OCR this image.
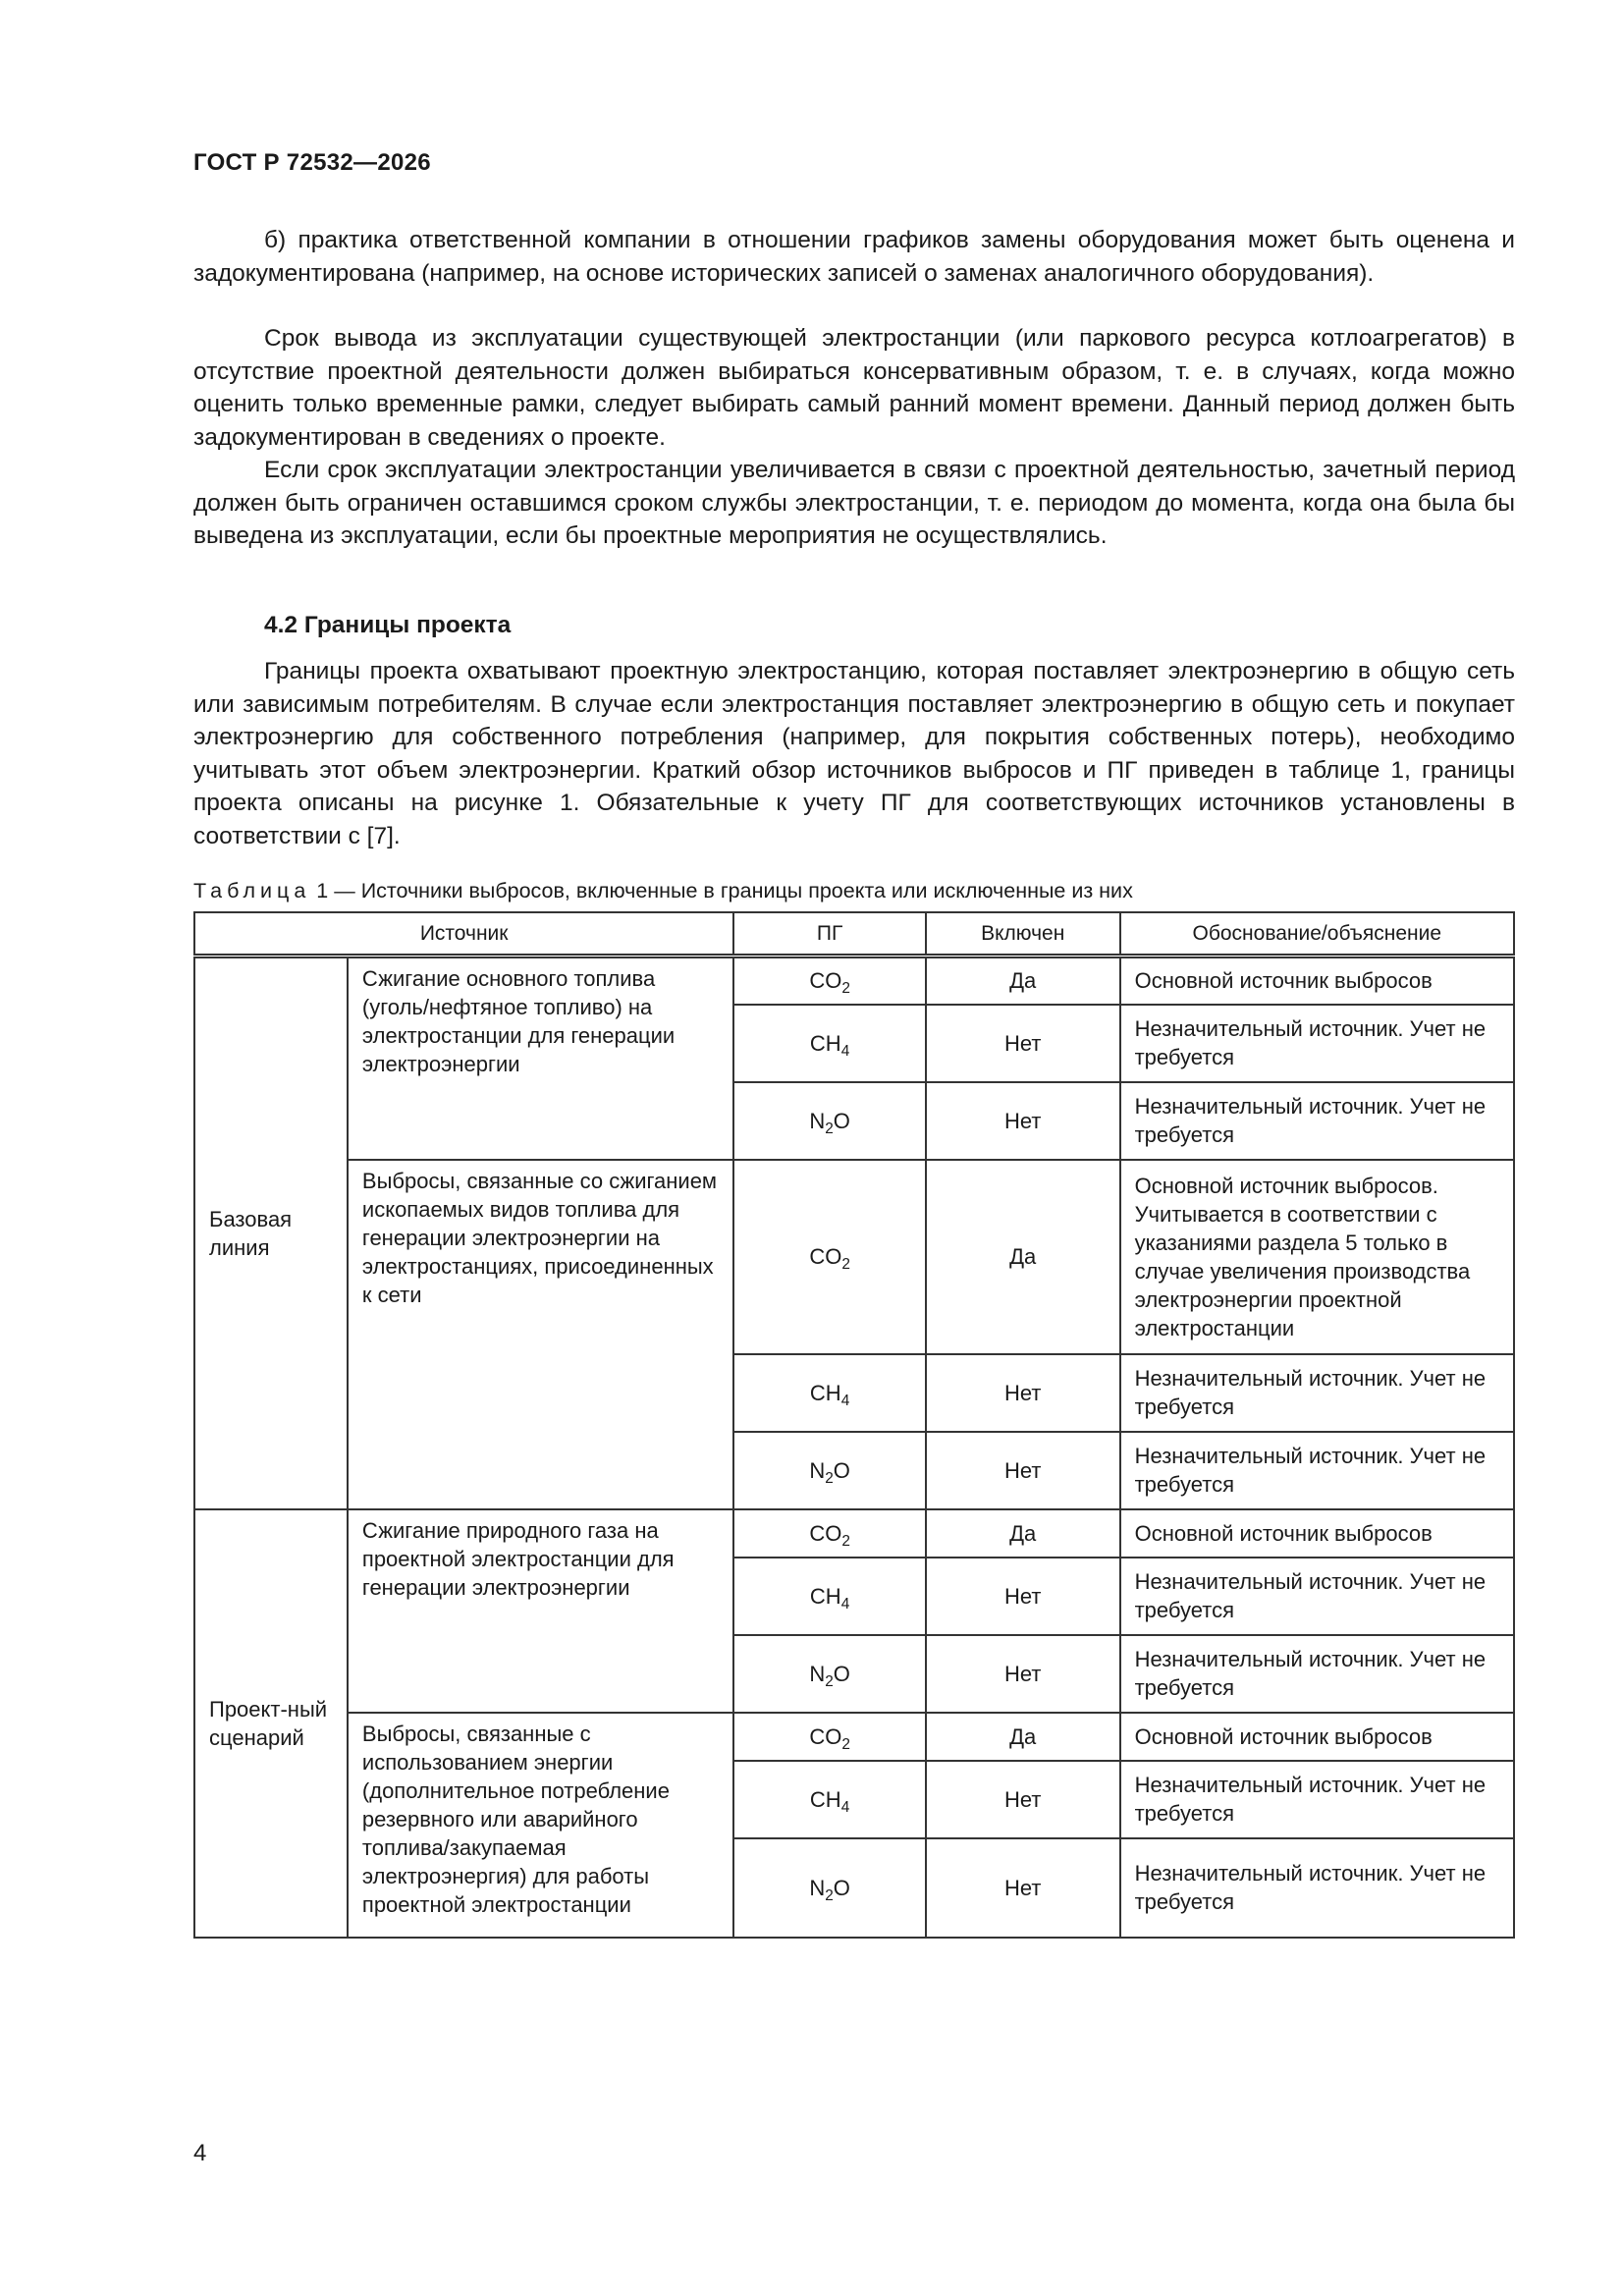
ГОСТ Р 72532—2026

б) практика ответственной компании в отношении графиков замены оборудования может быть оценена и задокументирована (например, на основе исторических записей о заменах аналогичного оборудования).

Срок вывода из эксплуатации существующей электростанции (или паркового ресурса котлоагрегатов) в отсутствие проектной деятельности должен выбираться консервативным образом, т. е. в случаях, когда можно оценить только временные рамки, следует выбирать самый ранний момент времени. Данный период должен быть задокументирован в сведениях о проекте.

Если срок эксплуатации электростанции увеличивается в связи с проектной деятельностью, зачетный период должен быть ограничен оставшимся сроком службы электростанции, т. е. периодом до момента, когда она была бы выведена из эксплуатации, если бы проектные мероприятия не осуществлялись.

4.2 Границы проекта

Границы проекта охватывают проектную электростанцию, которая поставляет электроэнергию в общую сеть или зависимым потребителям. В случае если электростанция поставляет электроэнергию в общую сеть и покупает электроэнергию для собственного потребления (например, для покрытия собственных потерь), необходимо учитывать этот объем электроэнергии. Краткий обзор источников выбросов и ПГ приведен в таблице 1, границы проекта описаны на рисунке 1. Обязательные к учету ПГ для соответствующих источников установлены в соответствии с [7].

Таблица 1 — Источники выбросов, включенные в границы проекта или исключенные из них
Источник		ПГ	Включен	Обоснование/объяснение
Базовая линия	Сжигание основного топлива (уголь/нефтяное топливо) на электростанции для генерации электроэнергии	$CO_2$	Да	Основной источник выбросов
		$CH_4$	Нет	Незначительный источник. Учет не требуется
		$N_2O$	Нет	Незначительный источник. Учет не требуется
	Выбросы, связанные со сжиганием ископаемых видов топлива для генерации электроэнергии на электростанциях, присоединенных к сети	$CO_2$	Да	Основной источник выбросов. Учитывается в соответствии с указаниями раздела 5 только в случае увеличения производства электроэнергии проектной электростанции
		$CH_4$	Нет	Незначительный источник. Учет не требуется
		$N_2O$	Нет	Незначительный источник. Учет не требуется
Проект-ный сценарий	Сжигание природного газа на проектной электростанции для генерации электроэнергии	$CO_2$	Да	Основной источник выбросов
		$CH_4$	Нет	Незначительный источник. Учет не требуется
		$N_2O$	Нет	Незначительный источник. Учет не требуется
	Выбросы, связанные с использованием энергии (дополнительное потребление резервного или аварийного топлива/закупаемая электроэнергия) для работы проектной электростанции	$CO_2$	Да	Основной источник выбросов
		$CH_4$	Нет	Незначительный источник. Учет не требуется
		$N_2O$	Нет	Незначительный источник. Учет не требуется
4
